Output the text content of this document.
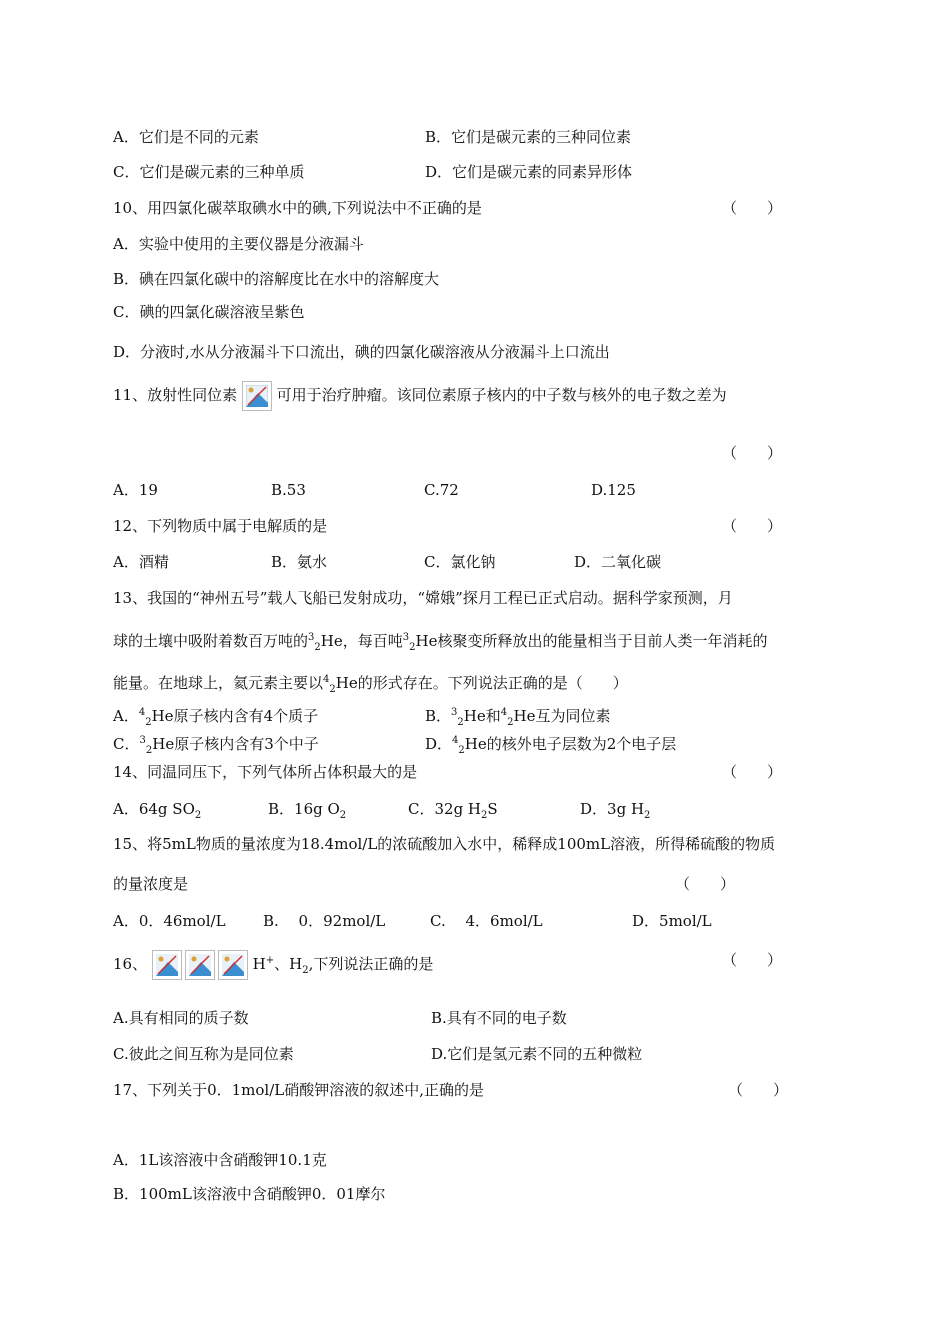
A．它们是不同的元素	B．它们是碳元素的三种同位素
C．它们是碳元素的三种单质	D．它们是碳元素的同素异形体
10、用四氯化碳萃取碘水中的碘,下列说法中不正确的是	（　　）
A．实验中使用的主要仪器是分液漏斗
B．碘在四氯化碳中的溶解度比在水中的溶解度大
C．碘的四氯化碳溶液呈紫色
D．分液时,水从分液漏斗下口流出，碘的四氯化碳溶液从分液漏斗上口流出
11、放射性同位素	可用于治疗肿瘤。该同位素原子核内的中子数与核外的电子数之差为
（　　）
A．19	B.53	C.72	D.125
12、下列物质中属于电解质的是	（　　）
A．酒精	B．氨水	C．氯化钠	D．二氧化碳
13、我国的“神州五号”载人飞船已发射成功，“嫦娥”探月工程已正式启动。据科学家预测，月
球的土壤中吸附着数百万吨的$^3_2$He，每百吨$^3_2$He核聚变所释放出的能量相当于目前人类一年消耗的
能量。在地球上，氦元素主要以$^4_2$He的形式存在。下列说法正确的是（　　）
A．$^4_2$He原子核内含有4个质子	B．$^3_2$He和$^4_2$He互为同位素
C．$^3_2$He原子核内含有3个中子	D．$^4_2$He的核外电子层数为2个电子层
14、同温同压下，下列气体所占体积最大的是	（　　）
A．64g $SO_2$	B．16g $O_2$	C．32g $H_2S$	D．3g $H_2$
15、将5mL物质的量浓度为18.4mol/L的浓硫酸加入水中，稀释成100mL溶液，所得稀硫酸的物质
的量浓度是	（　　）
A．0．46mol/L B.　 0．92mol/L	C.　 4．6mol/L	D．5mol/L
16、	H+、$H_2$,下列说法正确的是	（　　）
A.具有相同的质子数	B.具有不同的电子数
C.彼此之间互称为是同位素	D.它们是氢元素不同的五种微粒
17、下列关于0．1mol/L硝酸钾溶液的叙述中,正确的是	（　　）
A．1L该溶液中含硝酸钾10.1克
B．100mL该溶液中含硝酸钾0．01摩尔
